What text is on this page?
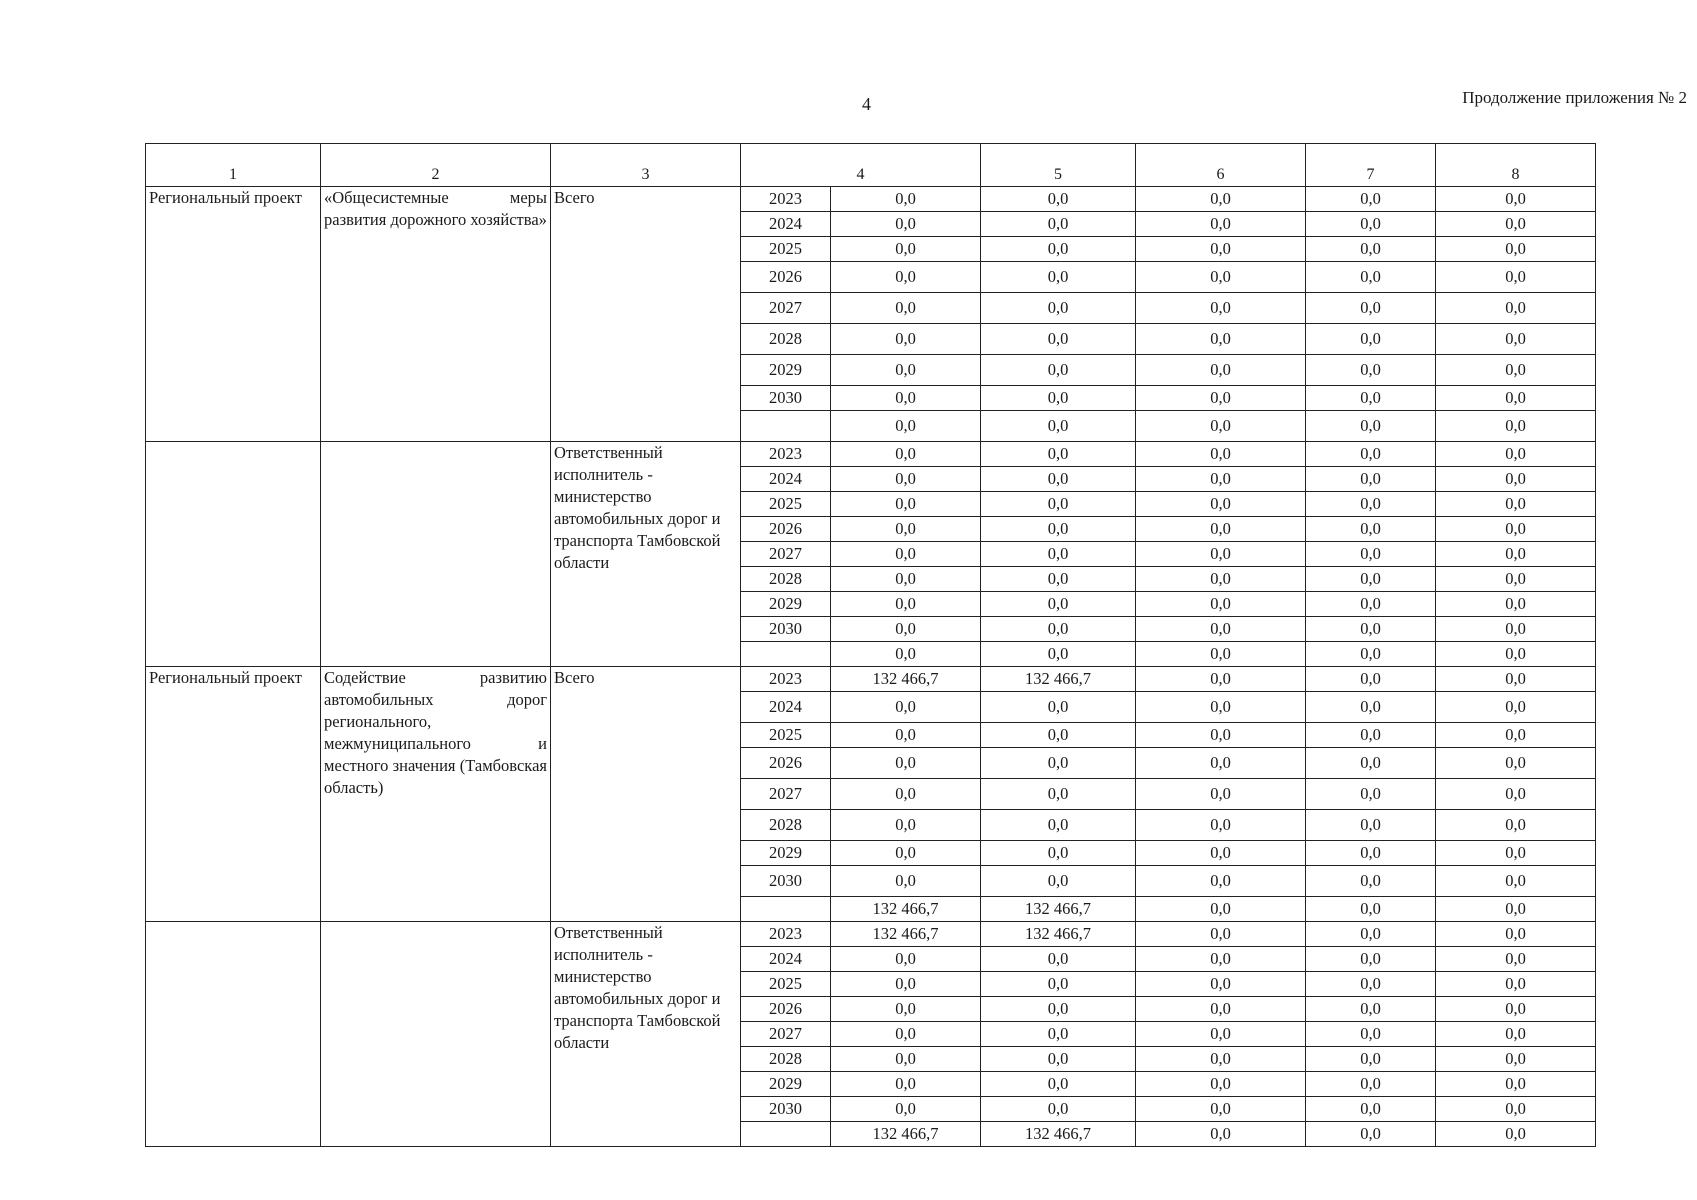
4	Продолжение приложения № 2
1	2	3	4		5	6	7	8
Региональный проект	«Общесистемные меры развития дорожного хозяйства»	Всего	2023	0,0	0,0	0,0	0,0	0,0
			2024	0,0	0,0	0,0	0,0	0,0
			2025	0,0	0,0	0,0	0,0	0,0
			2026	0,0	0,0	0,0	0,0	0,0
			2027	0,0	0,0	0,0	0,0	0,0
			2028	0,0	0,0	0,0	0,0	0,0
			2029	0,0	0,0	0,0	0,0	0,0
			2030	0,0	0,0	0,0	0,0	0,0
				0,0	0,0	0,0	0,0	0,0
		Ответственный исполнитель - министерство автомобильных дорог и транспорта Тамбовской области	2023	0,0	0,0	0,0	0,0	0,0
			2024	0,0	0,0	0,0	0,0	0,0
			2025	0,0	0,0	0,0	0,0	0,0
			2026	0,0	0,0	0,0	0,0	0,0
			2027	0,0	0,0	0,0	0,0	0,0
			2028	0,0	0,0	0,0	0,0	0,0
			2029	0,0	0,0	0,0	0,0	0,0
			2030	0,0	0,0	0,0	0,0	0,0
				0,0	0,0	0,0	0,0	0,0
Региональный проект	Содействие развитию автомобильных дорог регионального, межмуниципального и местного значения (Тамбовская область)	Всего	2023	132 466,7	132 466,7	0,0	0,0	0,0
			2024	0,0	0,0	0,0	0,0	0,0
			2025	0,0	0,0	0,0	0,0	0,0
			2026	0,0	0,0	0,0	0,0	0,0
			2027	0,0	0,0	0,0	0,0	0,0
			2028	0,0	0,0	0,0	0,0	0,0
			2029	0,0	0,0	0,0	0,0	0,0
			2030	0,0	0,0	0,0	0,0	0,0
				132 466,7	132 466,7	0,0	0,0	0,0
		Ответственный исполнитель - министерство автомобильных дорог и транспорта Тамбовской области	2023	132 466,7	132 466,7	0,0	0,0	0,0
			2024	0,0	0,0	0,0	0,0	0,0
			2025	0,0	0,0	0,0	0,0	0,0
			2026	0,0	0,0	0,0	0,0	0,0
			2027	0,0	0,0	0,0	0,0	0,0
			2028	0,0	0,0	0,0	0,0	0,0
			2029	0,0	0,0	0,0	0,0	0,0
			2030	0,0	0,0	0,0	0,0	0,0
				132 466,7	132 466,7	0,0	0,0	0,0
